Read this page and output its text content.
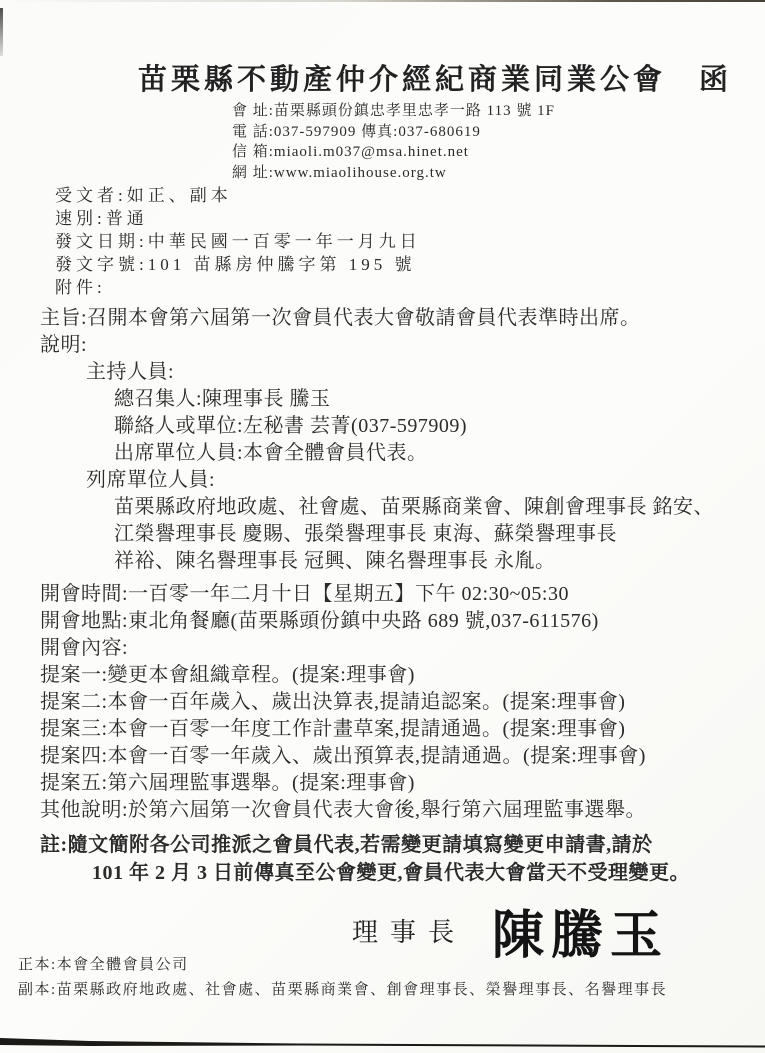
苗栗縣不動產仲介經紀商業同業公會　函
會 址:苗栗縣頭份鎮忠孝里忠孝一路 113 號 1F
電 話:037-597909 傳真:037-680619
信 箱:miaoli.m037@msa.hinet.net
網 址:www.miaolihouse.org.tw
受文者:如正、副本
速別:普通
發文日期:中華民國一百零一年一月九日
發文字號:101 苗縣房仲騰字第 195 號
附件:
主旨:召開本會第六屆第一次會員代表大會敬請會員代表準時出席。
說明:
主持人員:
總召集人:陳理事長 騰玉
聯絡人或單位:左秘書 芸菁(037-597909)
出席單位人員:本會全體會員代表。
列席單位人員:
苗栗縣政府地政處、社會處、苗栗縣商業會、陳創會理事長 銘安、
江榮譽理事長 慶賜、張榮譽理事長 東海、蘇榮譽理事長
祥裕、陳名譽理事長 冠興、陳名譽理事長 永胤。
開會時間:一百零一年二月十日【星期五】下午 02:30~05:30
開會地點:東北角餐廳(苗栗縣頭份鎮中央路 689 號,037-611576)
開會內容:
提案一:變更本會組織章程。(提案:理事會)
提案二:本會一百年歲入、歲出決算表,提請追認案。(提案:理事會)
提案三:本會一百零一年度工作計畫草案,提請通過。(提案:理事會)
提案四:本會一百零一年歲入、歲出預算表,提請通過。(提案:理事會)
提案五:第六屆理監事選舉。(提案:理事會)
其他說明:於第六屆第一次會員代表大會後,舉行第六屆理監事選舉。
註:隨文簡附各公司推派之會員代表,若需變更請填寫變更申請書,請於
101 年 2 月 3 日前傳真至公會變更,會員代表大會當天不受理變更。
理事長 陳騰玉
正本:本會全體會員公司
副本:苗栗縣政府地政處、社會處、苗栗縣商業會、創會理事長、榮譽理事長、名譽理事長
